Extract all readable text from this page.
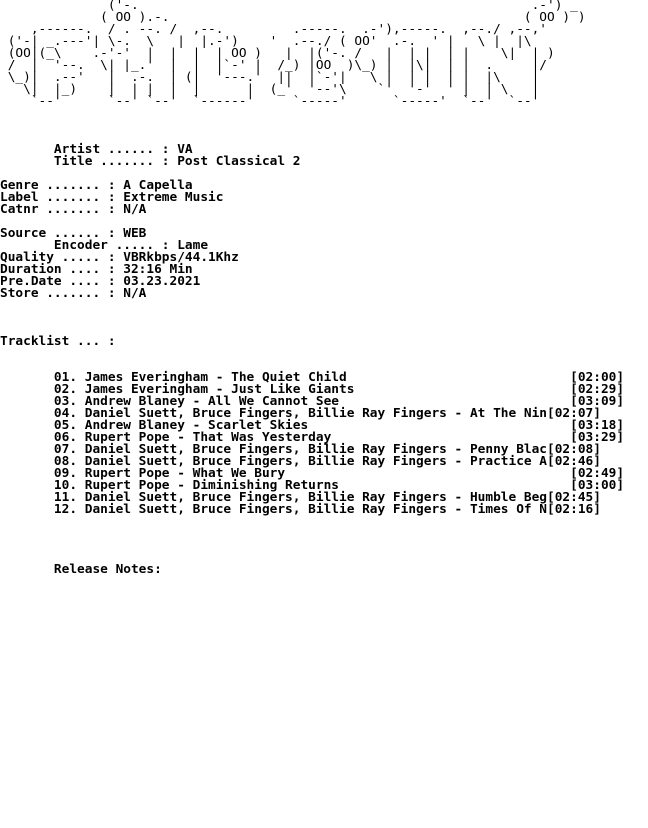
('-.                                                   .-') _
( OO ).-.                                              ( OO ) )
,------.  / . --. /  ,--.         .-----.  .-'),-----.  ,--./ ,--,'
('-| _.---'| \-.  \   |  |.-')    '  .--./ ( OO'  .-.  ' |   \ |  |\
(OO|(_\    .-'-'  |  |  |  | OO )   |  |('-. /   |  | |  | |    \|  | )
/  |  '--.  \| |_.'  |  |  |`-' |  /_) |OO  )\_) |  |\|  | |  .     |/
\_)|  .--'   |  .-.  | (|  '---.'  ||  |`-'|   \ |  | |  | |  |\    |
\|  |_)    |  | |  |  |      |  (_'  '--'\    `'  '-'  ' |  | \   |
`--'      `--' `--'  `------'     `-----'      `-----'  `--'  `--'
Artist ...... : VA
Title ....... : Post Classical 2
Genre ....... : A Capella
Label ....... : Extreme Music
Catnr ....... : N/A
Source ...... : WEB
Encoder ..... : Lame
Quality ..... : VBRkbps/44.1Khz
Duration .... : 32:16 Min
Pre.Date .... : 03.23.2021
Store ....... : N/A
Tracklist ... :
01. James Everingham - The Quiet Child                             [02:00]
02. James Everingham - Just Like Giants                            [02:29]
03. Andrew Blaney - All We Cannot See                              [03:09]
04. Daniel Suett, Bruce Fingers, Billie Ray Fingers - At The Nin[02:07]
05. Andrew Blaney - Scarlet Skies                                  [03:18]
06. Rupert Pope - That Was Yesterday                               [03:29]
07. Daniel Suett, Bruce Fingers, Billie Ray Fingers - Penny Blac[02:08]
08. Daniel Suett, Bruce Fingers, Billie Ray Fingers - Practice A[02:46]
09. Rupert Pope - What We Bury                                     [02:49]
10. Rupert Pope - Diminishing Returns                              [03:00]
11. Daniel Suett, Bruce Fingers, Billie Ray Fingers - Humble Beg[02:45]
12. Daniel Suett, Bruce Fingers, Billie Ray Fingers - Times Of N[02:16]
Release Notes:
